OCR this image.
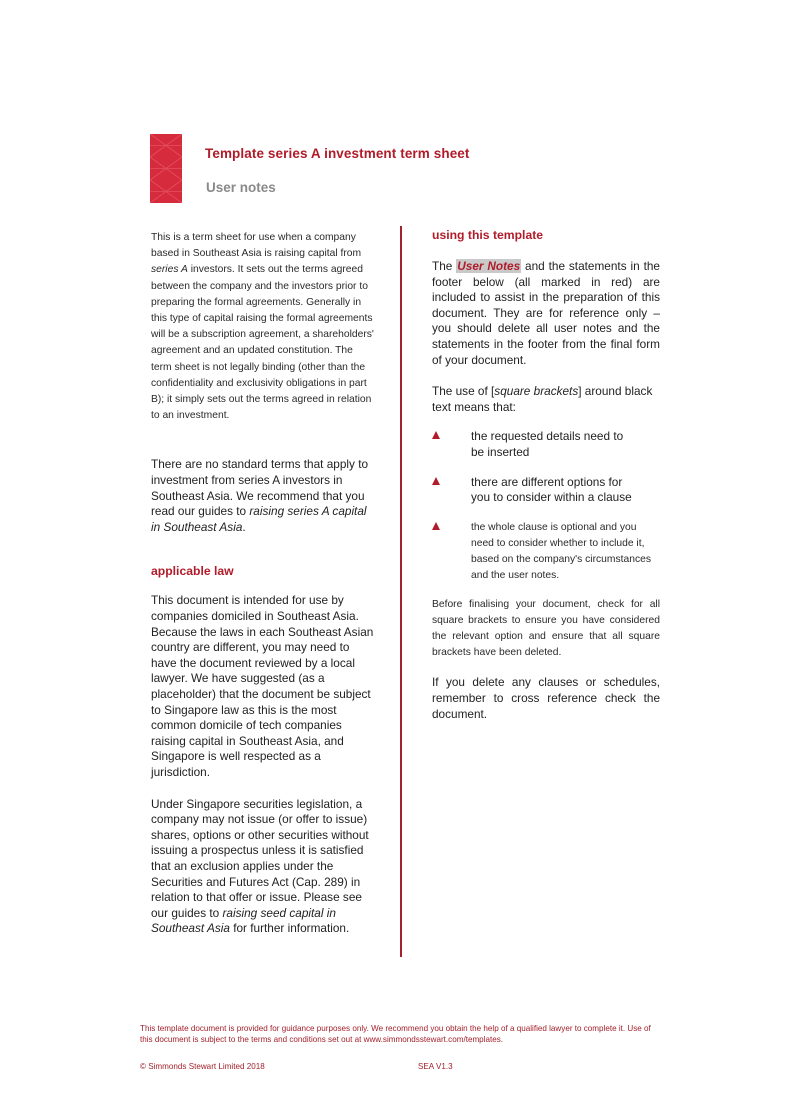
Template series A investment term sheet
User notes

This is a term sheet for use when a company based in Southeast Asia is raising capital from series A investors. It sets out the terms agreed between the company and the investors prior to preparing the formal agreements. Generally in this type of capital raising the formal agreements will be a subscription agreement, a shareholders' agreement and an updated constitution. The term sheet is not legally binding (other than the confidentiality and exclusivity obligations in part B); it simply sets out the terms agreed in relation to an investment.

There are no standard terms that apply to investment from series A investors in Southeast Asia. We recommend that you read our guides to raising series A capital in Southeast Asia.

applicable law

This document is intended for use by companies domiciled in Southeast Asia. Because the laws in each Southeast Asian country are different, you may need to have the document reviewed by a local lawyer. We have suggested (as a placeholder) that the document be subject to Singapore law as this is the most common domicile of tech companies raising capital in Southeast Asia, and Singapore is well respected as a jurisdiction.

Under Singapore securities legislation, a company may not issue (or offer to issue) shares, options or other securities without issuing a prospectus unless it is satisfied that an exclusion applies under the Securities and Futures Act (Cap. 289) in relation to that offer or issue. Please see our guides to raising seed capital in Southeast Asia for further information.

using this template

The User Notes and the statements in the footer below (all marked in red) are included to assist in the preparation of this document. They are for reference only – you should delete all user notes and the statements in the footer from the final form of your document.

The use of [square brackets] around black text means that:

the requested details need to be inserted
there are different options for you to consider within a clause
the whole clause is optional and you need to consider whether to include it, based on the company's circumstances and the user notes.

Before finalising your document, check for all square brackets to ensure you have considered the relevant option and ensure that all square brackets have been deleted.

If you delete any clauses or schedules, remember to cross reference check the document.

This template document is provided for guidance purposes only. We recommend you obtain the help of a qualified lawyer to complete it. Use of this document is subject to the terms and conditions set out at www.simmondsstewart.com/templates.
© Simmonds Stewart Limited 2018	SEA V1.3
